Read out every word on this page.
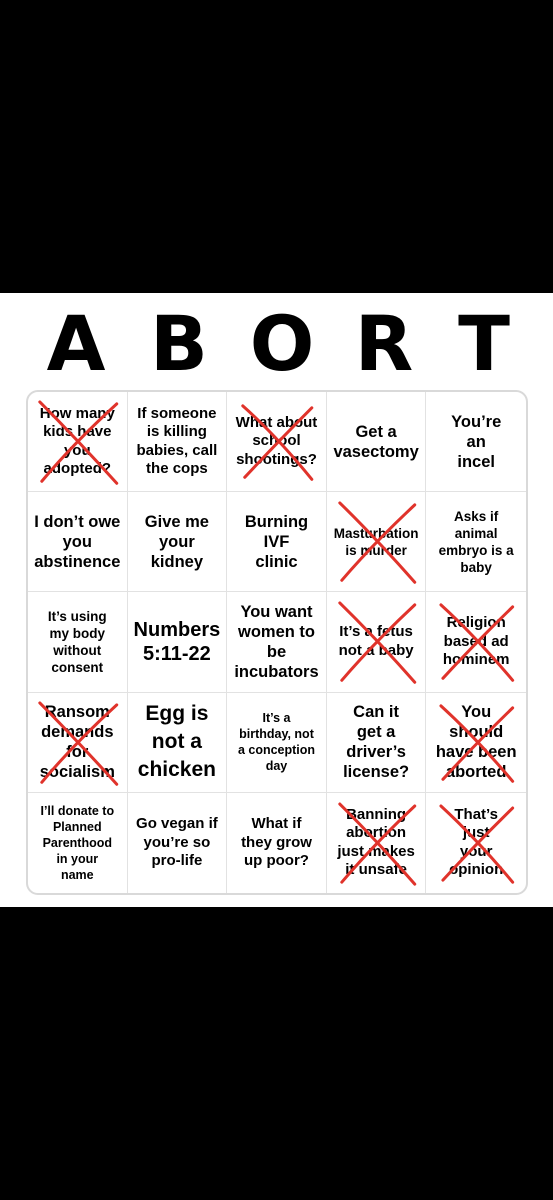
A B O R T
How many
kids have
you
adopted?
If someone
is killing
babies, call
the cops
What about
school
shootings?
Get a
vasectomy
You’re
an
incel
I don’t owe
you
abstinence
Give me
your
kidney
Burning
IVF
clinic
Masturbation
is murder
Asks if
animal
embryo is a
baby
It’s using
my body
without
consent
Numbers
5:11-22
You want
women to
be
incubators
It’s a fetus
not a baby
Religion
based ad
hominem
Ransom
demands
for
socialism
Egg is
not a
chicken
It’s a
birthday, not
a conception
day
Can it
get a
driver’s
license?
You
should
have been
aborted
I’ll donate to
Planned
Parenthood
in your
name
Go vegan if
you’re so
pro-life
What if
they grow
up poor?
Banning
abortion
just makes
it unsafe
That’s
just
your
opinion
